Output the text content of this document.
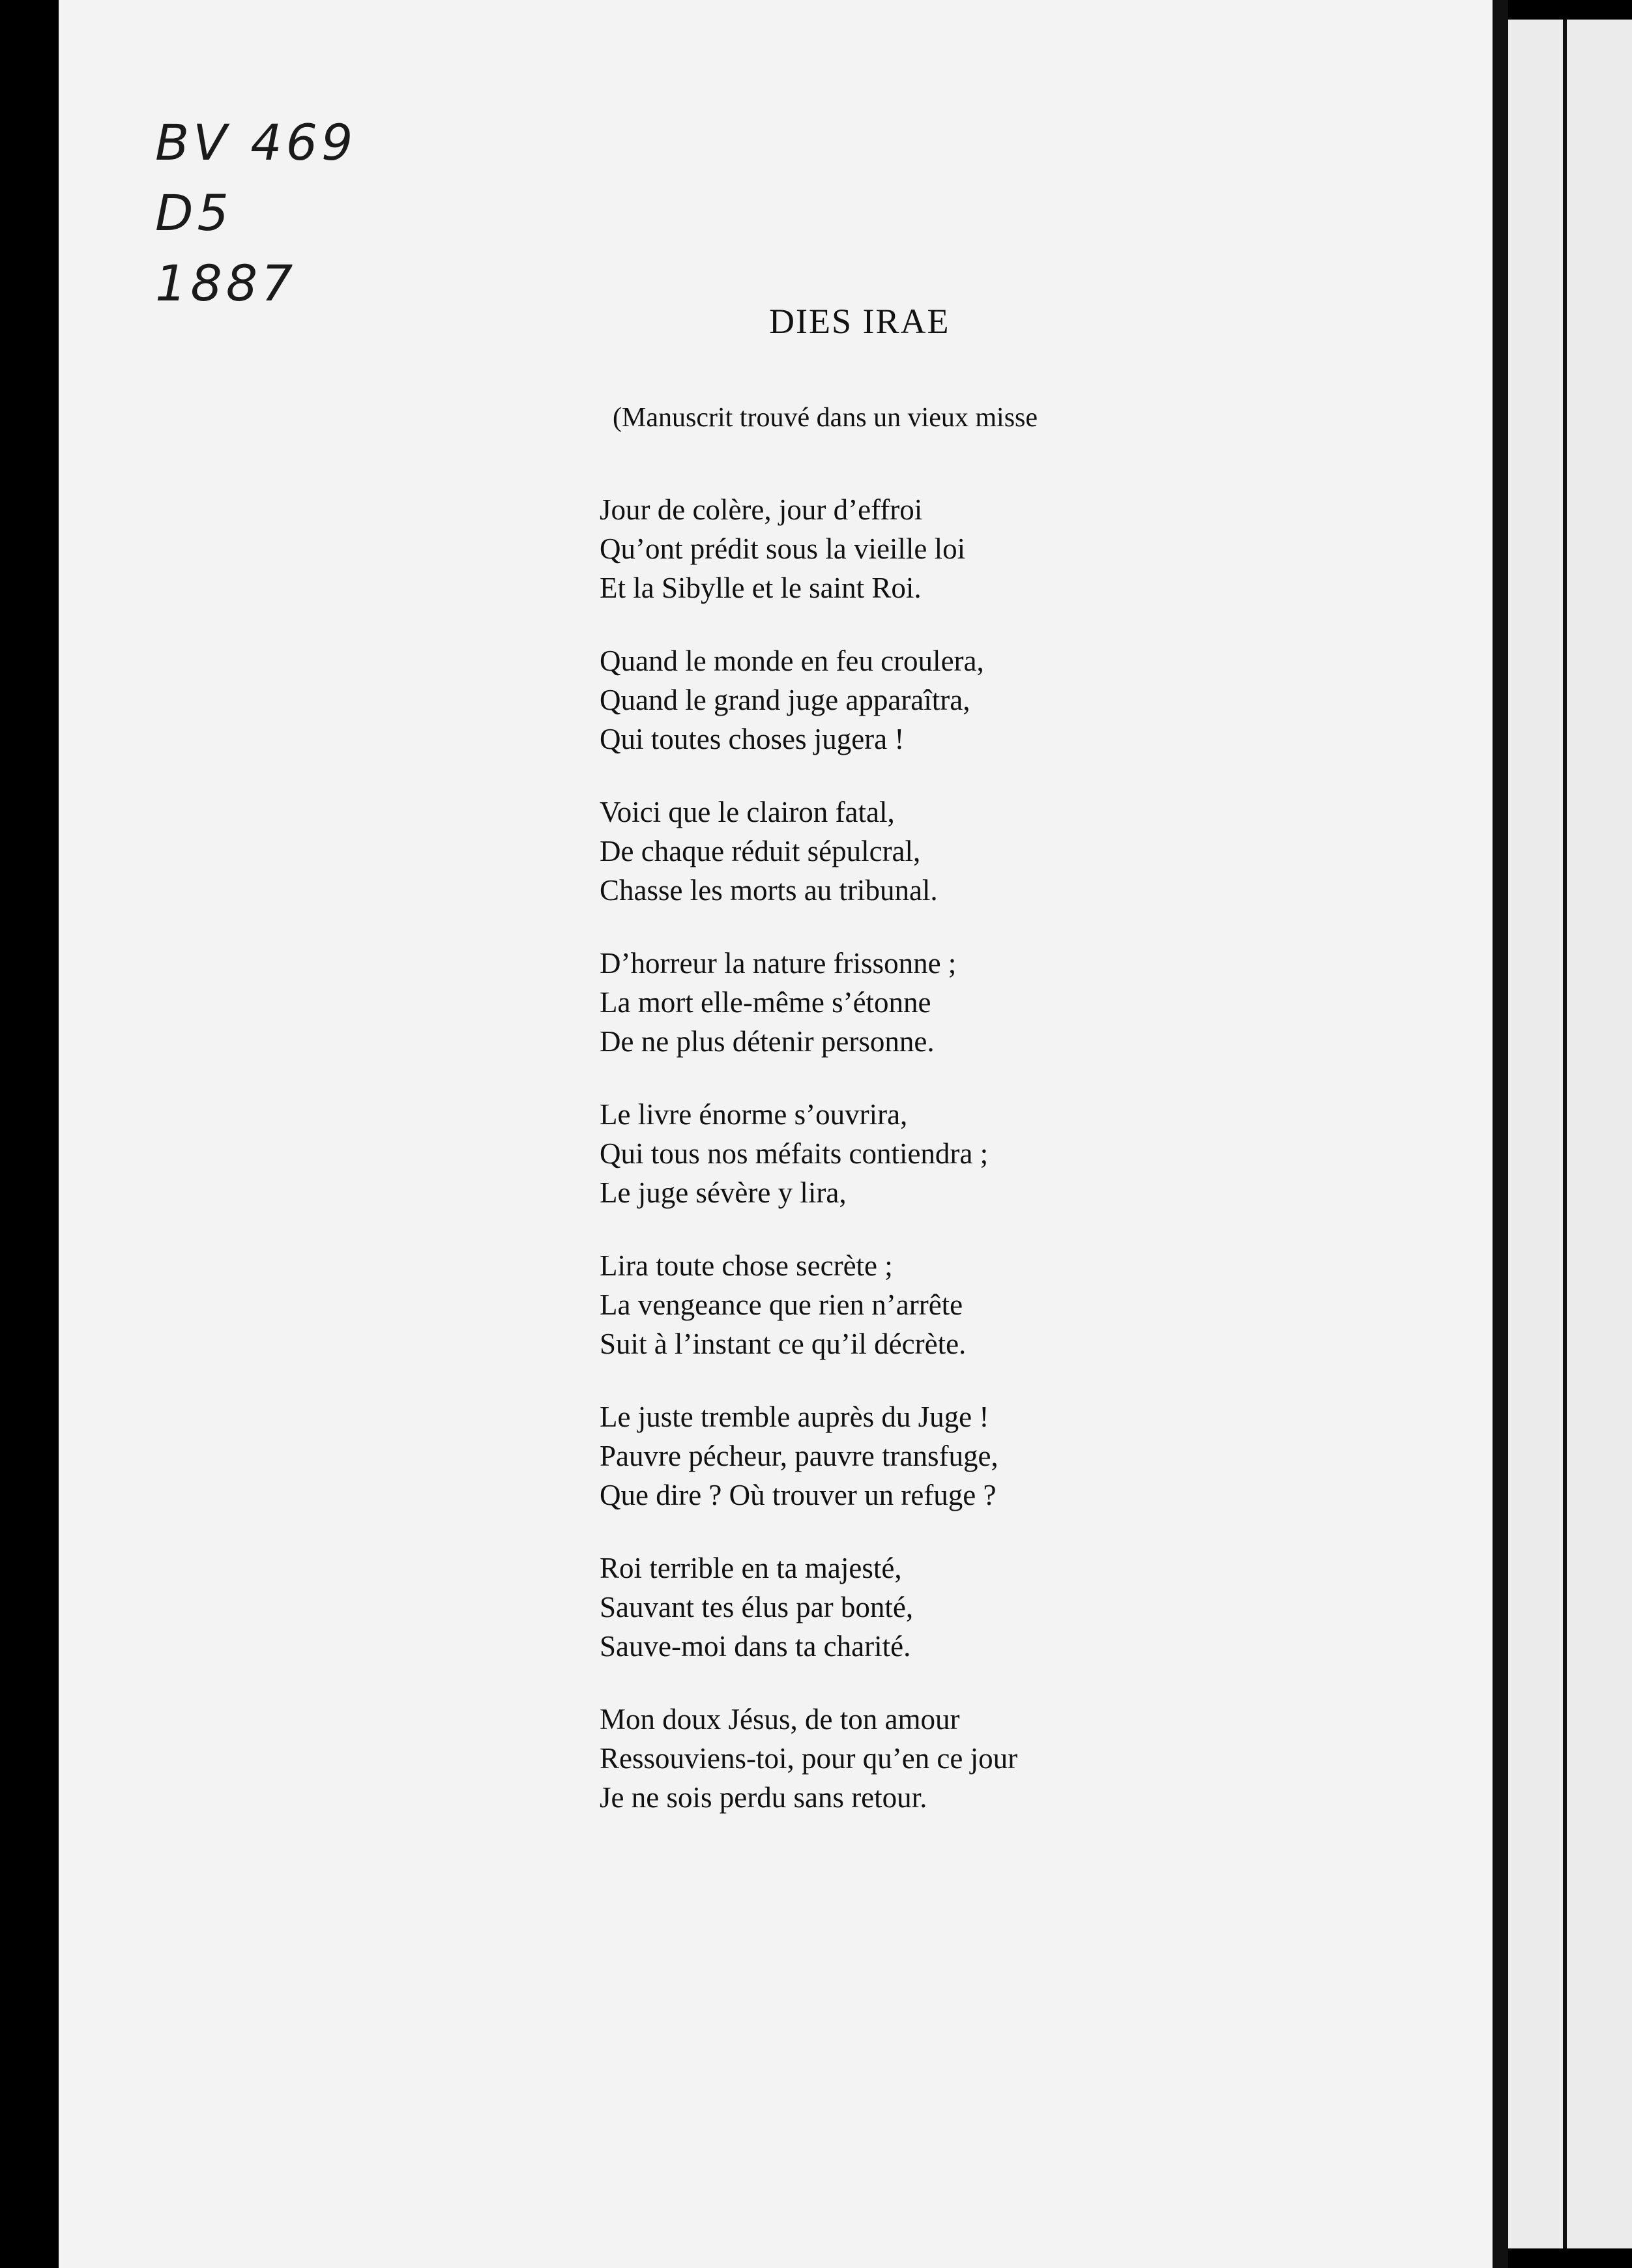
BV 469
D5
1887
DIES IRAE

(Manuscrit trouvé dans un vieux misse

Jour de colère, jour d’effroi
Qu’ont prédit sous la vieille loi
Et la Sibylle et le saint Roi.
Quand le monde en feu croulera,
Quand le grand juge apparaîtra,
Qui toutes choses jugera !
Voici que le clairon fatal,
De chaque réduit sépulcral,
Chasse les morts au tribunal.
D’horreur la nature frissonne ;
La mort elle-même s’étonne
De ne plus détenir personne.
Le livre énorme s’ouvrira,
Qui tous nos méfaits contiendra ;
Le juge sévère y lira,
Lira toute chose secrète ;
La vengeance que rien n’arrête
Suit à l’instant ce qu’il décrète.
Le juste tremble auprès du Juge !
Pauvre pécheur, pauvre transfuge,
Que dire ? Où trouver un refuge ?
Roi terrible en ta majesté,
Sauvant tes élus par bonté,
Sauve-moi dans ta charité.
Mon doux Jésus, de ton amour
Ressouviens-toi, pour qu’en ce jour
Je ne sois perdu sans retour.
